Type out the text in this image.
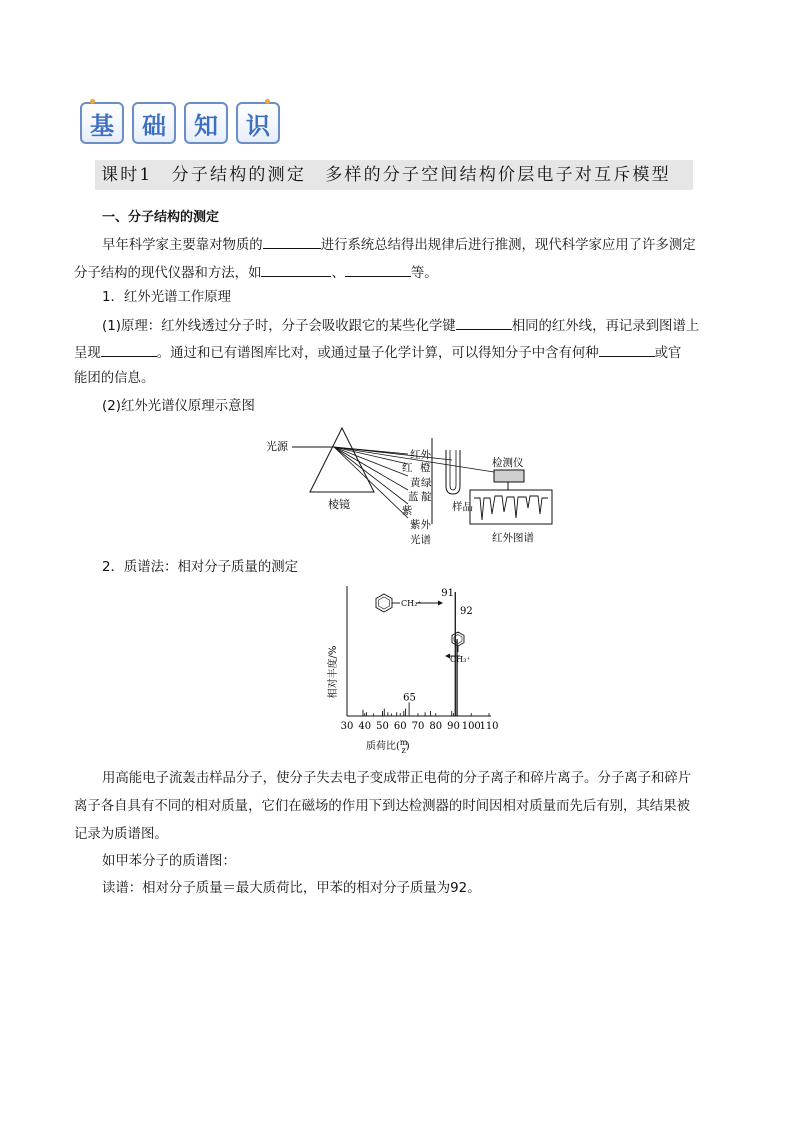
基 础 知 识
课时1　分子结构的测定　多样的分子空间结构价层电子对互斥模型
一、分子结构的测定
早年科学家主要靠对物质的	进行系统总结得出规律后进行推测，现代科学家应用了许多测定
分子结构的现代仪器和方法，如	、	等。
1．红外光谱工作原理
(1)原理：红外线透过分子时，分子会吸收跟它的某些化学键	相同的红外线，再记录到图谱上
呈现	。通过和已有谱图库比对，或通过量子化学计算，可以得知分子中含有何种	或官
能团的信息。
(2)红外光谱仪原理示意图
光源
棱镜
红外
红 橙
黄 绿
蓝 靛
紫
紫外
光谱
样品
检测仪
红外图谱
2．质谱法：相对分子质量的测定
相对丰度/%
30 40 50 60 70 80 90 100
110
91
92
65
CH₂⁺
CH₃⁺
质荷比($^m$ z)
用高能电子流轰击样品分子，使分子失去电子变成带正电荷的分子离子和碎片离子。分子离子和碎片
离子各自具有不同的相对质量，它们在磁场的作用下到达检测器的时间因相对质量而先后有别，其结果被
记录为质谱图。
如甲苯分子的质谱图：
读谱：相对分子质量＝最大质荷比，甲苯的相对分子质量为92。
